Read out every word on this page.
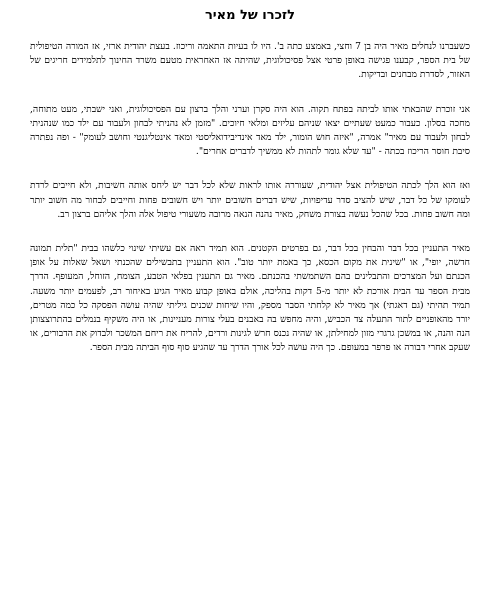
לזכרו של מאיר

כשעברנו לנחלים מאיר היה בן 7 וחצי, באמצע כתה ב'. היו לו בעיות התאמה וריכוז. בעצת יהודית ארזי, אז המורה הטיפולית של בית הספר, קבענו פגישה באופן פרטי אצל פסיכולוגית, שהיתה אז האחראית מטעם משרד החינוך לתלמידים חריגים של האזור, לסדרת מבחנים ובדיקות.

אני זוכרת שהבאתי אותו לביתה בפתח תקוה. הוא היה סקרן וערני והלך ברצון עם הפסיכולוגית, ואני ישבתי, מעט מתוחה, מחכה בסלון. כעבור כמעט שעתיים יצאו שניהם עליזים ומלאי חיוכים. "מזמן לא נהניתי לבחון ולעבוד עם ילד כמו שנהניתי לבחון ולעבוד עם מאיר" אמרה, "איזה חוש הומור, ילד מאד אינדיבידואליסטי ומאד אינטליגנטי וחושב לעומק" - ופה נפתרה סיבת חוסר הריכוז בכתה - "עד שלא גומר לתהות לא ממשיך לדברים אחרים".

ואז הוא הלך לכתה הטיפולית אצל יהודית, שעוררה אותו לראות שלא לכל דבר יש ליחס אותה חשיבות, ולא חייבים לרדת לעומקו של כל דבר, שיש להציב סדר עדיפויות, שיש דברים חשובים יותר ויש חשובים פחות וחייבים לבחור מה חשוב יותר ומה חשוב פחות. בכל שהכל נעשה בצורת משחק, מאיר נהנה הנאה מרובה משעורי טיפול אלה והלך אליהם ברצון רב.

מאיר התעניין בכל דבר והבחין בכל דבר, גם בפרטים הקטנים. הוא תמיד ראה אם עשיתי שינוי כלשהו בבית "תלית תמונה חדשה, יופי", או "שינית את מקום הכסא, כך באמת יותר טוב". הוא התעניין בתבשילים שהכנתי ושאל שאלות על אופן הכנתם ועל המצרכים והתבלינים בהם השתמשתי בהכנתם. מאיר גם התענין בפלאי הטבע, הצומח, הזוחל, המעופף. הדרך מבית הספר עד הבית אורכת לא יותר מ-5 דקות בהליכה, אולם באופן קבוע מאיר הגיע באיחור רב, לפעמים יותר משעה. תמיד תהיתי (גם דאגתי) אך מאיר לא קלחתי הסבר מספק, והיו שיחות שכנים גיליתי שהיה עושה הפסקה כל כמה מטרים, יורד מהאופניים לתור התעלה צד הכביש, והיה מחפש בה באבנים בעלי צורות מעניינות, או היה משקיף בנמלים בהתרוצצותן הנה והנה, או במשכן גרגרי מזון למחילתן, או שהיה נכנס חרש לגינות ורדים, להריח את ריחם המשכר ולבדוק את הדבורים, או שעקב אחרי דבורה או פרפר במעופם. כך היה עושה לכל אורך הדרך עד שהגיע סוף סוף הביתה מבית הספר.
